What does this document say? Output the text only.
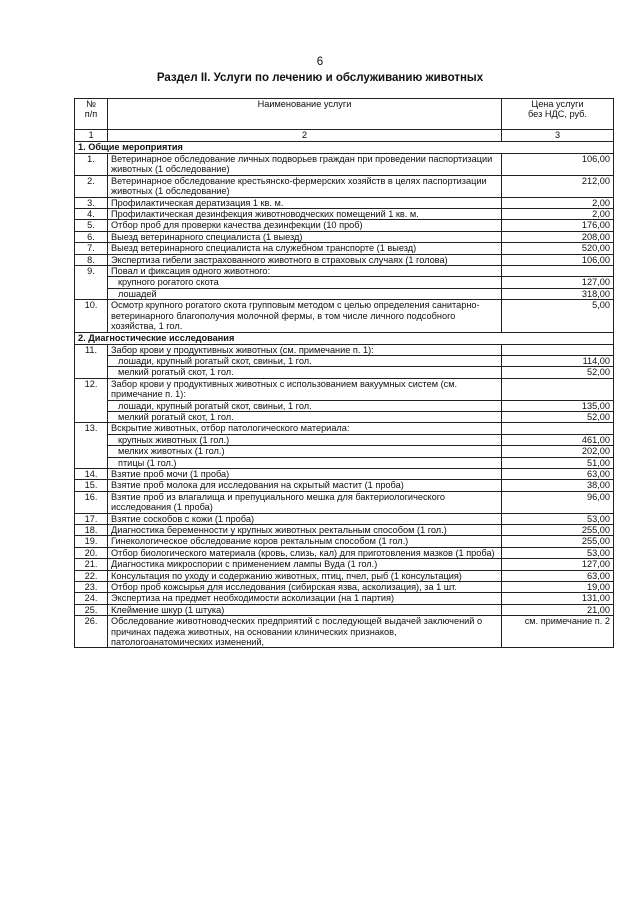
6
Раздел II. Услуги по лечению и обслуживанию животных
№
п/п	Наименование услуги	Цена услуги
без НДС, руб.
1	2	3
1. Общие мероприятия		
1.	Ветеринарное обследование личных подворьев граждан при проведении паспортизации животных (1 обследование)	106,00
2.	Ветеринарное обследование крестьянско-фермерских хозяйств в целях паспортизации животных (1 обследование)	212,00
3.	Профилактическая дератизация 1 кв. м.	2,00
4.	Профилактическая дезинфекция животноводческих помещений 1 кв. м.	2,00
5.	Отбор проб для проверки качества дезинфекции (10 проб)	176,00
6.	Выезд ветеринарного специалиста (1 выезд)	208,00
7.	Выезд ветеринарного специалиста на служебном транспорте (1 выезд)	520,00
8.	Экспертиза гибели застрахованного животного в страховых случаях (1 голова)	106,00
9.	Повал и фиксация одного животного:	
	крупного рогатого скота	127,00
	лошадей	318,00
10.	Осмотр крупного рогатого скота групповым методом с целью определения санитарно-ветеринарного благополучия молочной фермы, в том числе личного подсобного хозяйства, 1 гол.	5,00
2. Диагностические исследования		
11.	Забор крови у продуктивных животных (см. примечание п. 1):	
	лошади, крупный рогатый скот, свиньи, 1 гол.	114,00
	мелкий рогатый скот, 1 гол.	52,00
12.	Забор крови у продуктивных животных с использованием вакуумных систем (см. примечание п. 1):	
	лошади, крупный рогатый скот, свиньи, 1 гол.	135,00
	мелкий рогатый скот, 1 гол.	52,00
13.	Вскрытие животных, отбор патологического материала:	
	крупных животных (1 гол.)	461,00
	мелких животных (1 гол.)	202,00
	птицы (1 гол.)	51,00
14.	Взятие проб мочи (1 проба)	63,00
15.	Взятие проб молока для исследования на скрытый мастит (1 проба)	38,00
16.	Взятие проб из влагалища и препуциального мешка для бактериологического исследования (1 проба)	96,00
17.	Взятие соскобов с кожи (1 проба)	53,00
18.	Диагностика беременности у крупных животных ректальным способом (1 гол.)	255,00
19.	Гинекологическое обследование коров ректальным способом (1 гол.)	255,00
20.	Отбор биологического материала (кровь, слизь, кал) для приготовления мазков (1 проба)	53,00
21.	Диагностика микроспории с применением лампы Вуда (1 гол.)	127,00
22.	Консультация по уходу и содержанию животных, птиц, пчел, рыб (1 консультация)	63,00
23.	Отбор проб кожсырья для исследования (сибирская язва, асколизация), за 1 шт.	19,00
24.	Экспертиза на предмет необходимости асколизации (на 1 партия)	131,00
25.	Клеймение шкур (1 штука)	21,00
26.	Обследование животноводческих предприятий с последующей выдачей заключений о причинах падежа животных, на основании клинических признаков, патологоанатомических изменений,	см. примечание п. 2
